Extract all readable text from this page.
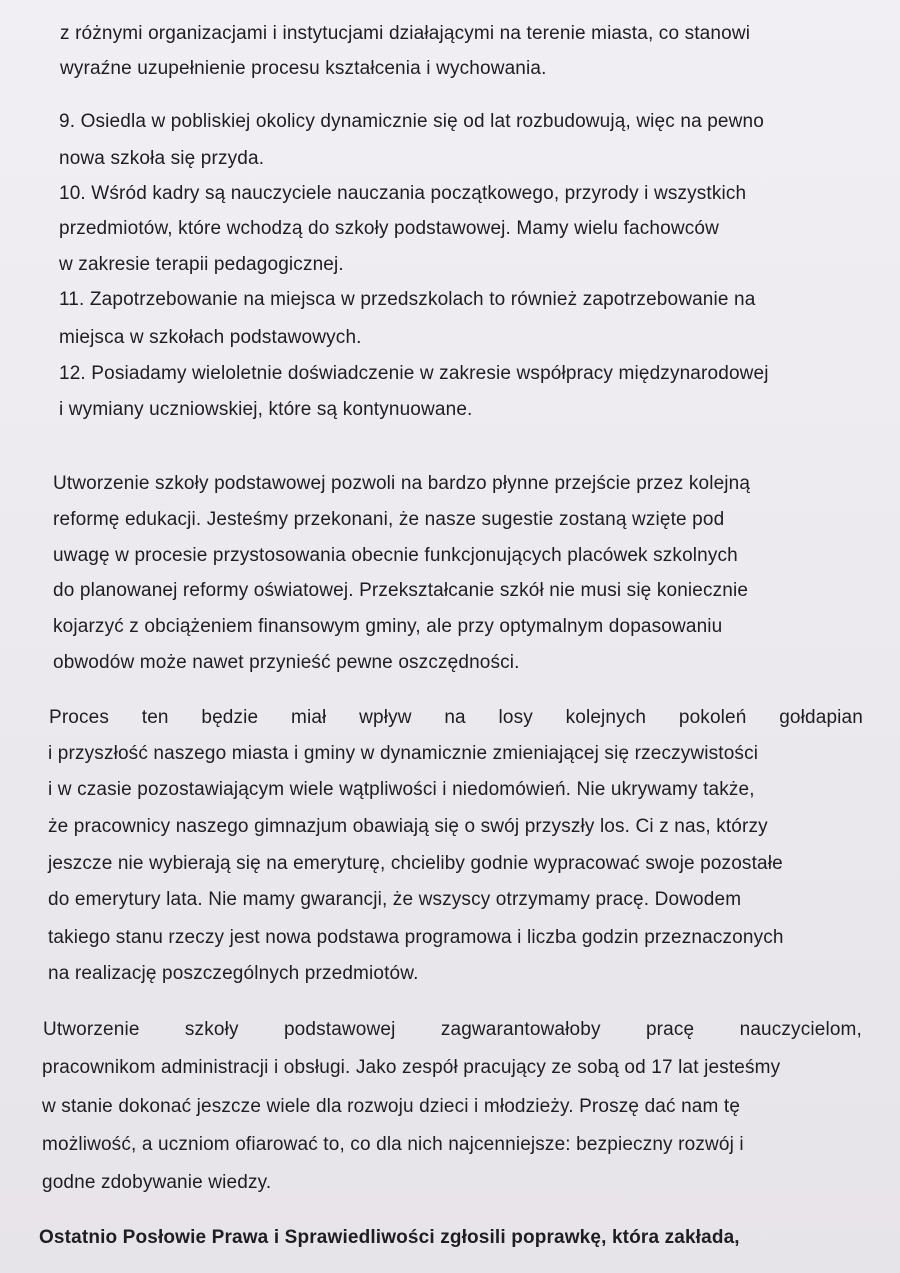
z różnymi organizacjami i instytucjami działającymi na terenie miasta, co stanowi

wyraźne uzupełnienie procesu kształcenia i wychowania.

9. Osiedla w pobliskiej okolicy dynamicznie się od lat rozbudowują, więc na pewno

nowa szkoła się przyda.

10. Wśród kadry są nauczyciele nauczania początkowego, przyrody i wszystkich

przedmiotów, które wchodzą do szkoły podstawowej. Mamy wielu fachowców

w zakresie terapii pedagogicznej.

11. Zapotrzebowanie na miejsca w przedszkolach to również zapotrzebowanie na

miejsca w szkołach podstawowych.

12. Posiadamy wieloletnie doświadczenie w zakresie współpracy międzynarodowej

i wymiany uczniowskiej, które są kontynuowane.

Utworzenie szkoły podstawowej pozwoli na bardzo płynne przejście przez kolejną

reformę edukacji. Jesteśmy przekonani, że nasze sugestie zostaną wzięte pod

uwagę w procesie przystosowania obecnie funkcjonujących placówek szkolnych

do planowanej reformy oświatowej. Przekształcanie szkół nie musi się koniecznie

kojarzyć z obciążeniem finansowym gminy, ale przy optymalnym dopasowaniu

obwodów może nawet przynieść pewne oszczędności.

Proces ten będzie miał wpływ na losy kolejnych pokoleń gołdapian

i przyszłość naszego miasta i gminy w dynamicznie zmieniającej się rzeczywistości

i w czasie pozostawiającym wiele wątpliwości i niedomówień. Nie ukrywamy także,

że pracownicy naszego gimnazjum obawiają się o swój przyszły los. Ci z nas, którzy

jeszcze nie wybierają się na emeryturę, chcieliby godnie wypracować swoje pozostałe

do emerytury lata. Nie mamy gwarancji, że wszyscy otrzymamy pracę. Dowodem

takiego stanu rzeczy jest nowa podstawa programowa i liczba godzin przeznaczonych

na realizację poszczególnych przedmiotów.

Utworzenie szkoły podstawowej zagwarantowałoby pracę nauczycielom,

pracownikom administracji i obsługi. Jako zespół pracujący ze sobą od 17 lat jesteśmy

w stanie dokonać jeszcze wiele dla rozwoju dzieci i młodzieży. Proszę dać nam tę

możliwość, a uczniom ofiarować to, co dla nich najcenniejsze: bezpieczny rozwój i

godne zdobywanie wiedzy.

Ostatnio Posłowie Prawa i Sprawiedliwości zgłosili poprawkę, która zakłada,
